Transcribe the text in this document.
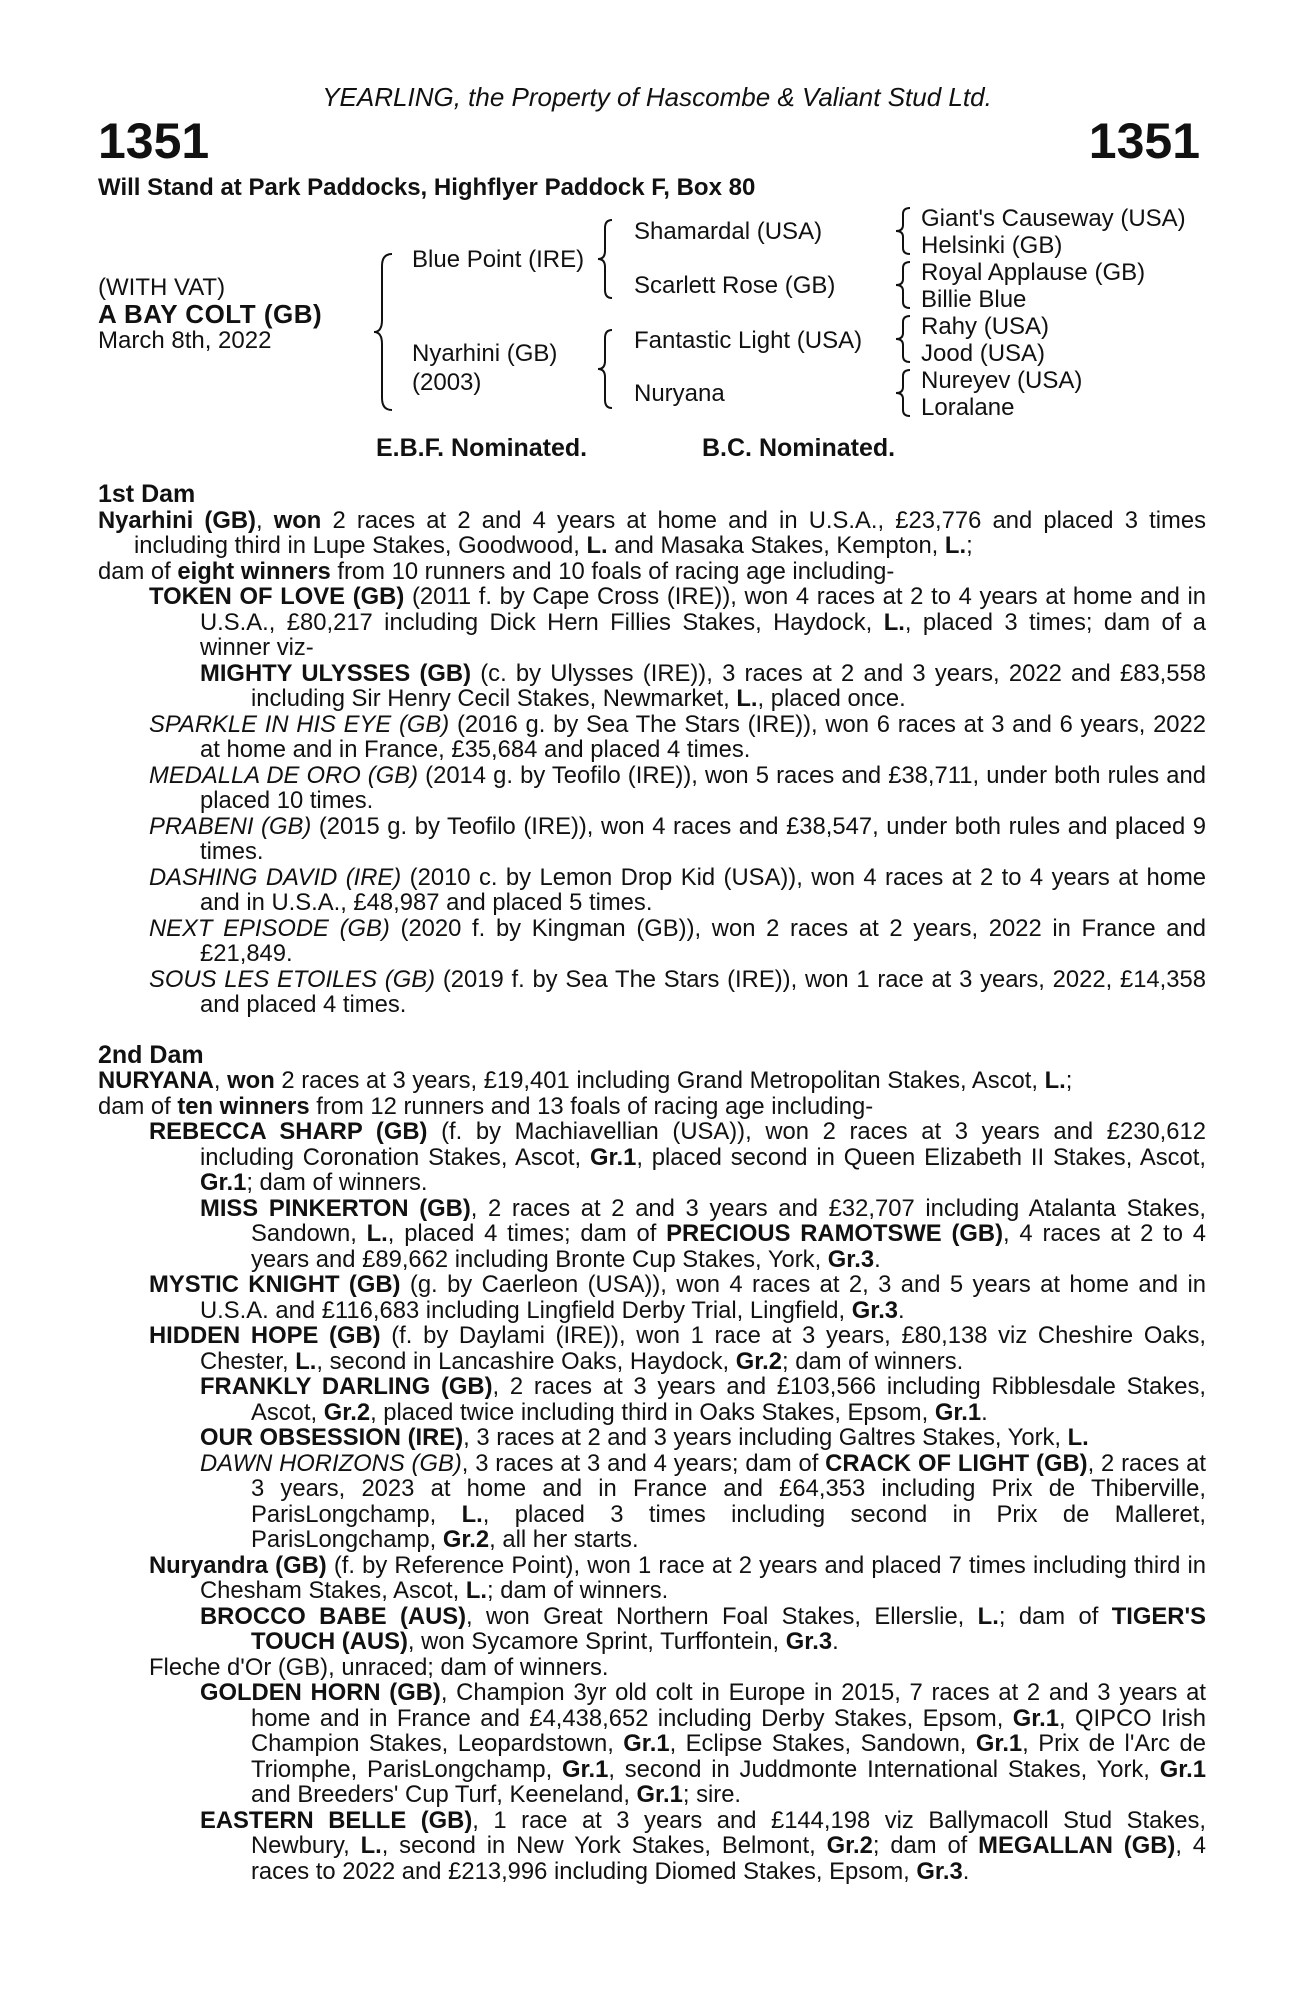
YEARLING, the Property of Hascombe & Valiant Stud Ltd.
1351	1351
Will Stand at Park Paddocks, Highflyer Paddock F, Box 80
(WITH VAT)
A BAY COLT (GB)
March 8th, 2022
Blue Point (IRE)
Nyarhini (GB)
(2003)
Shamardal (USA)
Scarlett Rose (GB)
Fantastic Light (USA)
Nuryana
Giant's Causeway (USA)
Helsinki (GB)
Royal Applause (GB)
Billie Blue
Rahy (USA)
Jood (USA)
Nureyev (USA)
Loralane
E.B.F. Nominated.	B.C. Nominated.
1st Dam
Nyarhini (GB), won 2 races at 2 and 4 years at home and in U.S.A., £23,776 and placed 3 times including third in Lupe Stakes, Goodwood, L. and Masaka Stakes, Kempton, L.;
dam of eight winners from 10 runners and 10 foals of racing age including-
TOKEN OF LOVE (GB) (2011 f. by Cape Cross (IRE)), won 4 races at 2 to 4 years at home and in U.S.A., £80,217 including Dick Hern Fillies Stakes, Haydock, L., placed 3 times; dam of a winner viz-
MIGHTY ULYSSES (GB) (c. by Ulysses (IRE)), 3 races at 2 and 3 years, 2022 and £83,558 including Sir Henry Cecil Stakes, Newmarket, L., placed once.
SPARKLE IN HIS EYE (GB) (2016 g. by Sea The Stars (IRE)), won 6 races at 3 and 6 years, 2022 at home and in France, £35,684 and placed 4 times.
MEDALLA DE ORO (GB) (2014 g. by Teofilo (IRE)), won 5 races and £38,711, under both rules and placed 10 times.
PRABENI (GB) (2015 g. by Teofilo (IRE)), won 4 races and £38,547, under both rules and placed 9 times.
DASHING DAVID (IRE) (2010 c. by Lemon Drop Kid (USA)), won 4 races at 2 to 4 years at home and in U.S.A., £48,987 and placed 5 times.
NEXT EPISODE (GB) (2020 f. by Kingman (GB)), won 2 races at 2 years, 2022 in France and £21,849.
SOUS LES ETOILES (GB) (2019 f. by Sea The Stars (IRE)), won 1 race at 3 years, 2022, £14,358 and placed 4 times.
2nd Dam
NURYANA, won 2 races at 3 years, £19,401 including Grand Metropolitan Stakes, Ascot, L.;
dam of ten winners from 12 runners and 13 foals of racing age including-
REBECCA SHARP (GB) (f. by Machiavellian (USA)), won 2 races at 3 years and £230,612 including Coronation Stakes, Ascot, Gr.1, placed second in Queen Elizabeth II Stakes, Ascot, Gr.1; dam of winners.
MISS PINKERTON (GB), 2 races at 2 and 3 years and £32,707 including Atalanta Stakes, Sandown, L., placed 4 times; dam of PRECIOUS RAMOTSWE (GB), 4 races at 2 to 4 years and £89,662 including Bronte Cup Stakes, York, Gr.3.
MYSTIC KNIGHT (GB) (g. by Caerleon (USA)), won 4 races at 2, 3 and 5 years at home and in U.S.A. and £116,683 including Lingfield Derby Trial, Lingfield, Gr.3.
HIDDEN HOPE (GB) (f. by Daylami (IRE)), won 1 race at 3 years, £80,138 viz Cheshire Oaks, Chester, L., second in Lancashire Oaks, Haydock, Gr.2; dam of winners.
FRANKLY DARLING (GB), 2 races at 3 years and £103,566 including Ribblesdale Stakes, Ascot, Gr.2, placed twice including third in Oaks Stakes, Epsom, Gr.1.
OUR OBSESSION (IRE), 3 races at 2 and 3 years including Galtres Stakes, York, L.
DAWN HORIZONS (GB), 3 races at 3 and 4 years; dam of CRACK OF LIGHT (GB), 2 races at 3 years, 2023 at home and in France and £64,353 including Prix de Thiberville, ParisLongchamp, L., placed 3 times including second in Prix de Malleret, ParisLongchamp, Gr.2, all her starts.
Nuryandra (GB) (f. by Reference Point), won 1 race at 2 years and placed 7 times including third in Chesham Stakes, Ascot, L.; dam of winners.
BROCCO BABE (AUS), won Great Northern Foal Stakes, Ellerslie, L.; dam of TIGER'S TOUCH (AUS), won Sycamore Sprint, Turffontein, Gr.3.
Fleche d'Or (GB), unraced; dam of winners.
GOLDEN HORN (GB), Champion 3yr old colt in Europe in 2015, 7 races at 2 and 3 years at home and in France and £4,438,652 including Derby Stakes, Epsom, Gr.1, QIPCO Irish Champion Stakes, Leopardstown, Gr.1, Eclipse Stakes, Sandown, Gr.1, Prix de l'Arc de Triomphe, ParisLongchamp, Gr.1, second in Juddmonte International Stakes, York, Gr.1 and Breeders' Cup Turf, Keeneland, Gr.1; sire.
EASTERN BELLE (GB), 1 race at 3 years and £144,198 viz Ballymacoll Stud Stakes, Newbury, L., second in New York Stakes, Belmont, Gr.2; dam of MEGALLAN (GB), 4 races to 2022 and £213,996 including Diomed Stakes, Epsom, Gr.3.
